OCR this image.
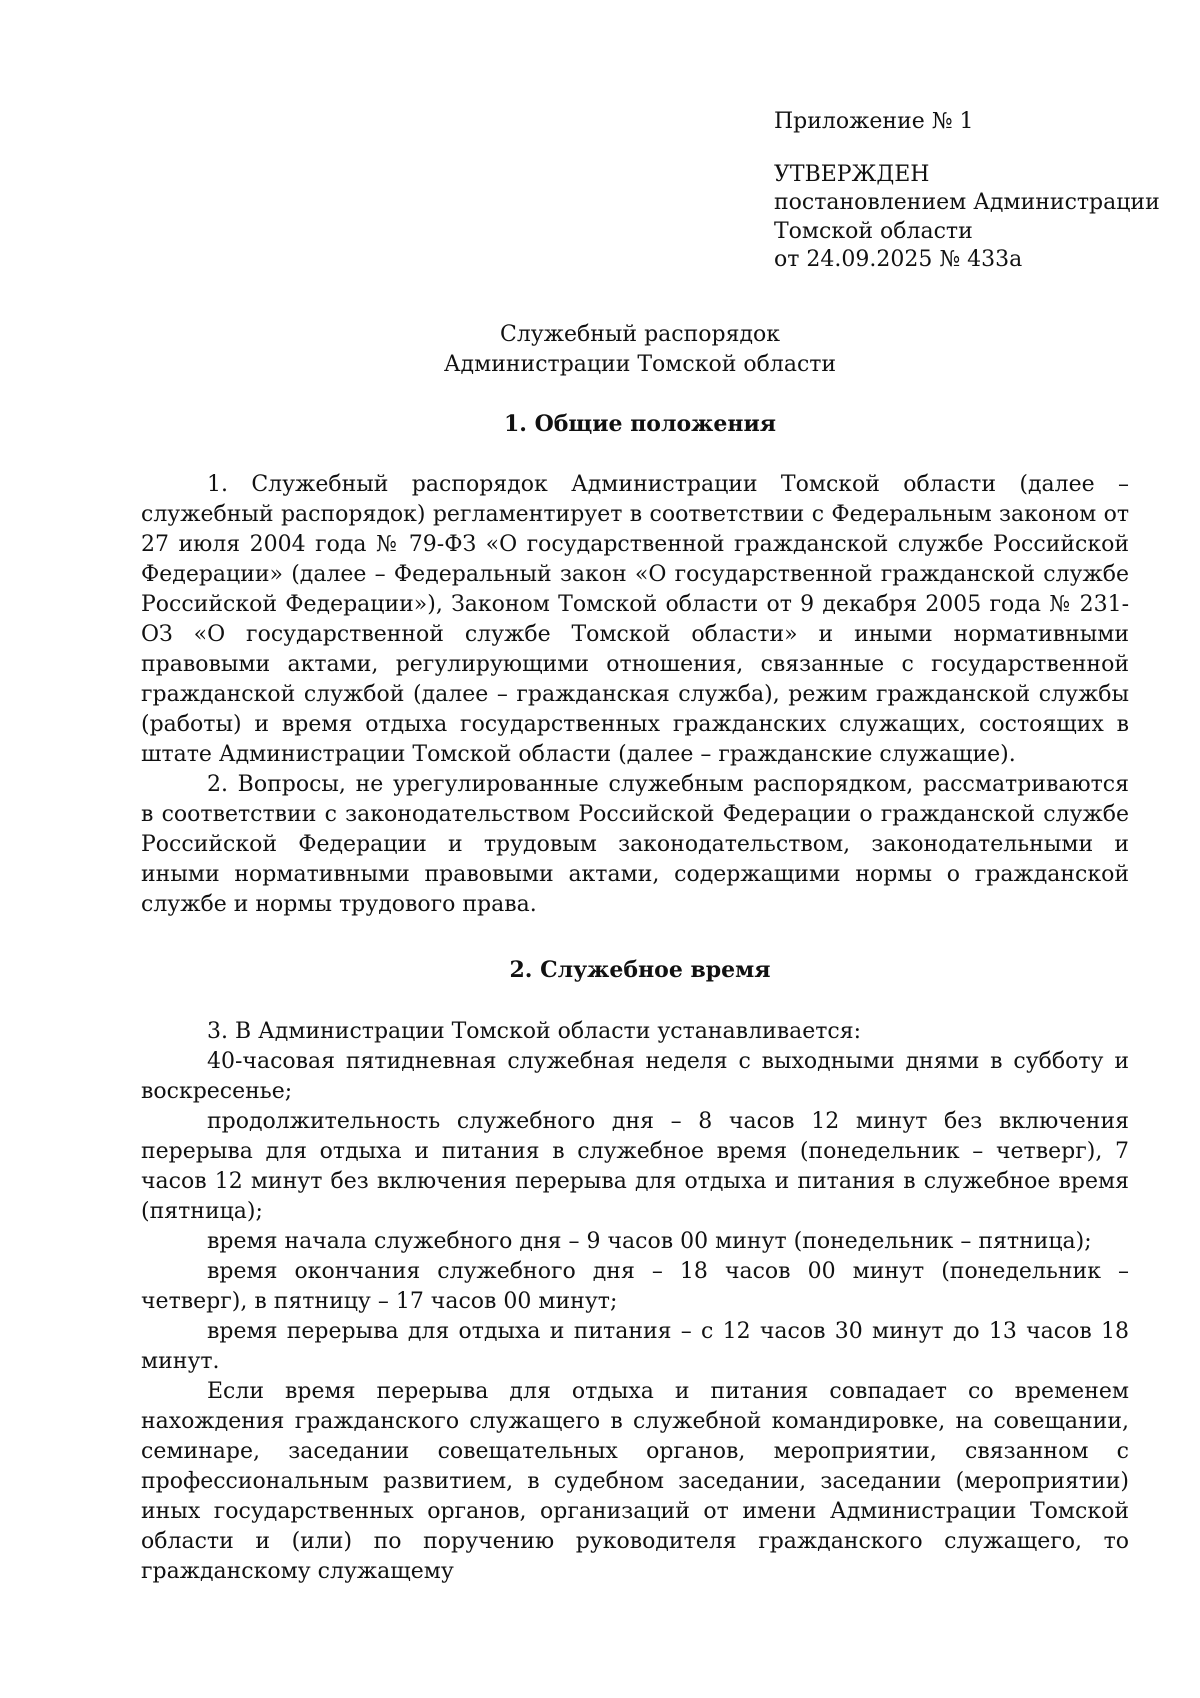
Приложение № 1

УТВЕРЖДЕН

постановлением Администрации

Томской области

от 24.09.2025 № 433а

Служебный распорядок

Администрации Томской области

1. Общие положения

1. Служебный распорядок Администрации Томской области (далее – служебный распорядок) регламентирует в соответствии с Федеральным законом от 27 июля 2004 года № 79-ФЗ «О государственной гражданской службе Российской Федерации» (далее – Федеральный закон «О государственной гражданской службе Российской Федерации»), Законом Томской области от 9 декабря 2005 года № 231-ОЗ «О государственной службе Томской области» и иными нормативными правовыми актами, регулирующими отношения, связанные с государственной гражданской службой (далее – гражданская служба), режим гражданской службы (работы) и время отдыха государственных гражданских служащих, состоящих в штате Администрации Томской области (далее – гражданские служащие).

2. Вопросы, не урегулированные служебным распорядком, рассматриваются в соответствии с законодательством Российской Федерации о гражданской службе Российской Федерации и трудовым законодательством, законодательными и иными нормативными правовыми актами, содержащими нормы о гражданской службе и нормы трудового права.

2. Служебное время

3. В Администрации Томской области устанавливается:

40-часовая пятидневная служебная неделя с выходными днями в субботу и воскресенье;

продолжительность служебного дня – 8 часов 12 минут без включения перерыва для отдыха и питания в служебное время (понедельник – четверг), 7 часов 12 минут без включения перерыва для отдыха и питания в служебное время (пятница);

время начала служебного дня – 9 часов 00 минут (понедельник – пятница);

время окончания служебного дня – 18 часов 00 минут (понедельник – четверг), в пятницу – 17 часов 00 минут;

время перерыва для отдыха и питания – с 12 часов 30 минут до 13 часов 18 минут.

Если время перерыва для отдыха и питания совпадает со временем нахождения гражданского служащего в служебной командировке, на совещании, семинаре, заседании совещательных органов, мероприятии, связанном с профессиональным развитием, в судебном заседании, заседании (мероприятии) иных государственных органов, организаций от имени Администрации Томской области и (или) по поручению руководителя гражданского служащего, то гражданскому служащему
